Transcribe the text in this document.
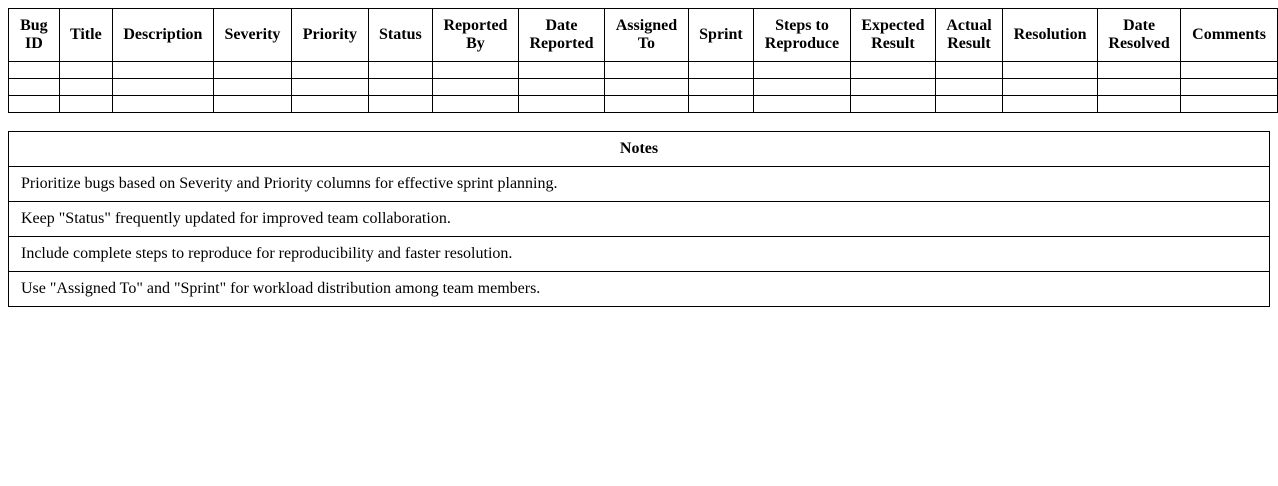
Bug ID	Title	Description	Severity	Priority	Status	Reported By	Date Reported	Assigned To	Sprint	Steps to Reproduce	Expected Result	Actual Result	Resolution	Date Resolved	Comments

Notes
Prioritize bugs based on Severity and Priority columns for effective sprint planning.
Keep "Status" frequently updated for improved team collaboration.
Include complete steps to reproduce for reproducibility and faster resolution.
Use "Assigned To" and "Sprint" for workload distribution among team members.
